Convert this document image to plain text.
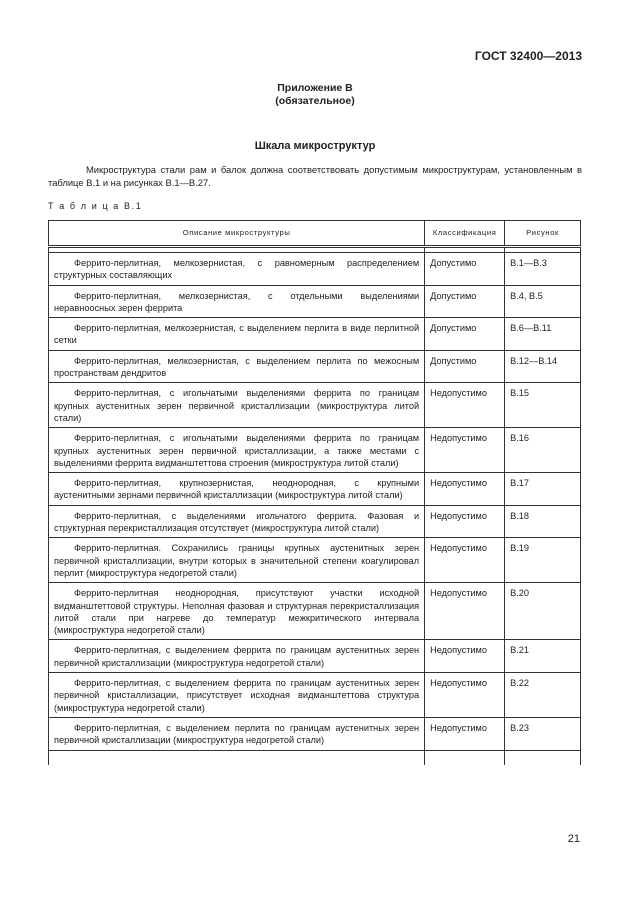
ГОСТ 32400—2013
Приложение В
(обязательное)
Шкала микроструктур
Микроструктура стали рам и балок должна соответствовать допустимым микроструктурам, установленным в таблице В.1 и на рисунках В.1—В.27.
Т а б л и ц а В.1
Описание микроструктуры	Классификация	Рисунок

Феррито-перлитная, мелкозернистая, с равномерным распределением структурных составляющих	Допустимо	В.1—В.3
Феррито-перлитная, мелкозернистая, с отдельными выделениями неравноосных зерен феррита	Допустимо	В.4, В.5
Феррито-перлитная, мелкозернистая, с выделением перлита в виде перлитной сетки	Допустимо	В.6—В.11
Феррито-перлитная, мелкозернистая, с выделением перлита по межосным пространствам дендритов	Допустимо	В.12—В.14
Феррито-перлитная, с игольчатыми выделениями феррита по границам крупных аустенитных зерен первичной кристаллизации (микроструктура литой стали)	Недопустимо	В.15
Феррито-перлитная, с игольчатыми выделениями феррита по границам крупных аустенитных зерен первичной кристаллизации, а также местами с выделениями феррита видманштеттова строения (микроструктура литой стали)	Недопустимо	В.16
Феррито-перлитная, крупнозернистая, неоднородная, с крупными аустенитными зернами первичной кристаллизации (микроструктура литой стали)	Недопустимо	В.17
Феррито-перлитная, с выделениями игольчатого феррита. Фазовая и структурная перекристаллизация отсутствует (микроструктура литой стали)	Недопустимо	В.18
Феррито-перлитная. Сохранились границы крупных аустенитных зерен первичной кристаллизации, внутри которых в значительной степени коагулировал перлит (микроструктура недогретой стали)	Недопустимо	В.19
Феррито-перлитная неоднородная, присутствуют участки исходной видманштеттовой структуры. Неполная фазовая и структурная перекристаллизация литой стали при нагреве до температур межкритического интервала (микроструктура недогретой стали)	Недопустимо	В.20
Феррито-перлитная, с выделением феррита по границам аустенитных зерен первичной кристаллизации (микроструктура недогретой стали)	Недопустимо	В.21
Феррито-перлитная, с выделением феррита по границам аустенитных зерен первичной кристаллизации, присутствует исходная видманштеттова структура (микроструктура недогретой стали)	Недопустимо	В.22
Феррито-перлитная, с выделением перлита по границам аустенитных зерен первичной кристаллизации (микроструктура недогретой стали)	Недопустимо	В.23

21
